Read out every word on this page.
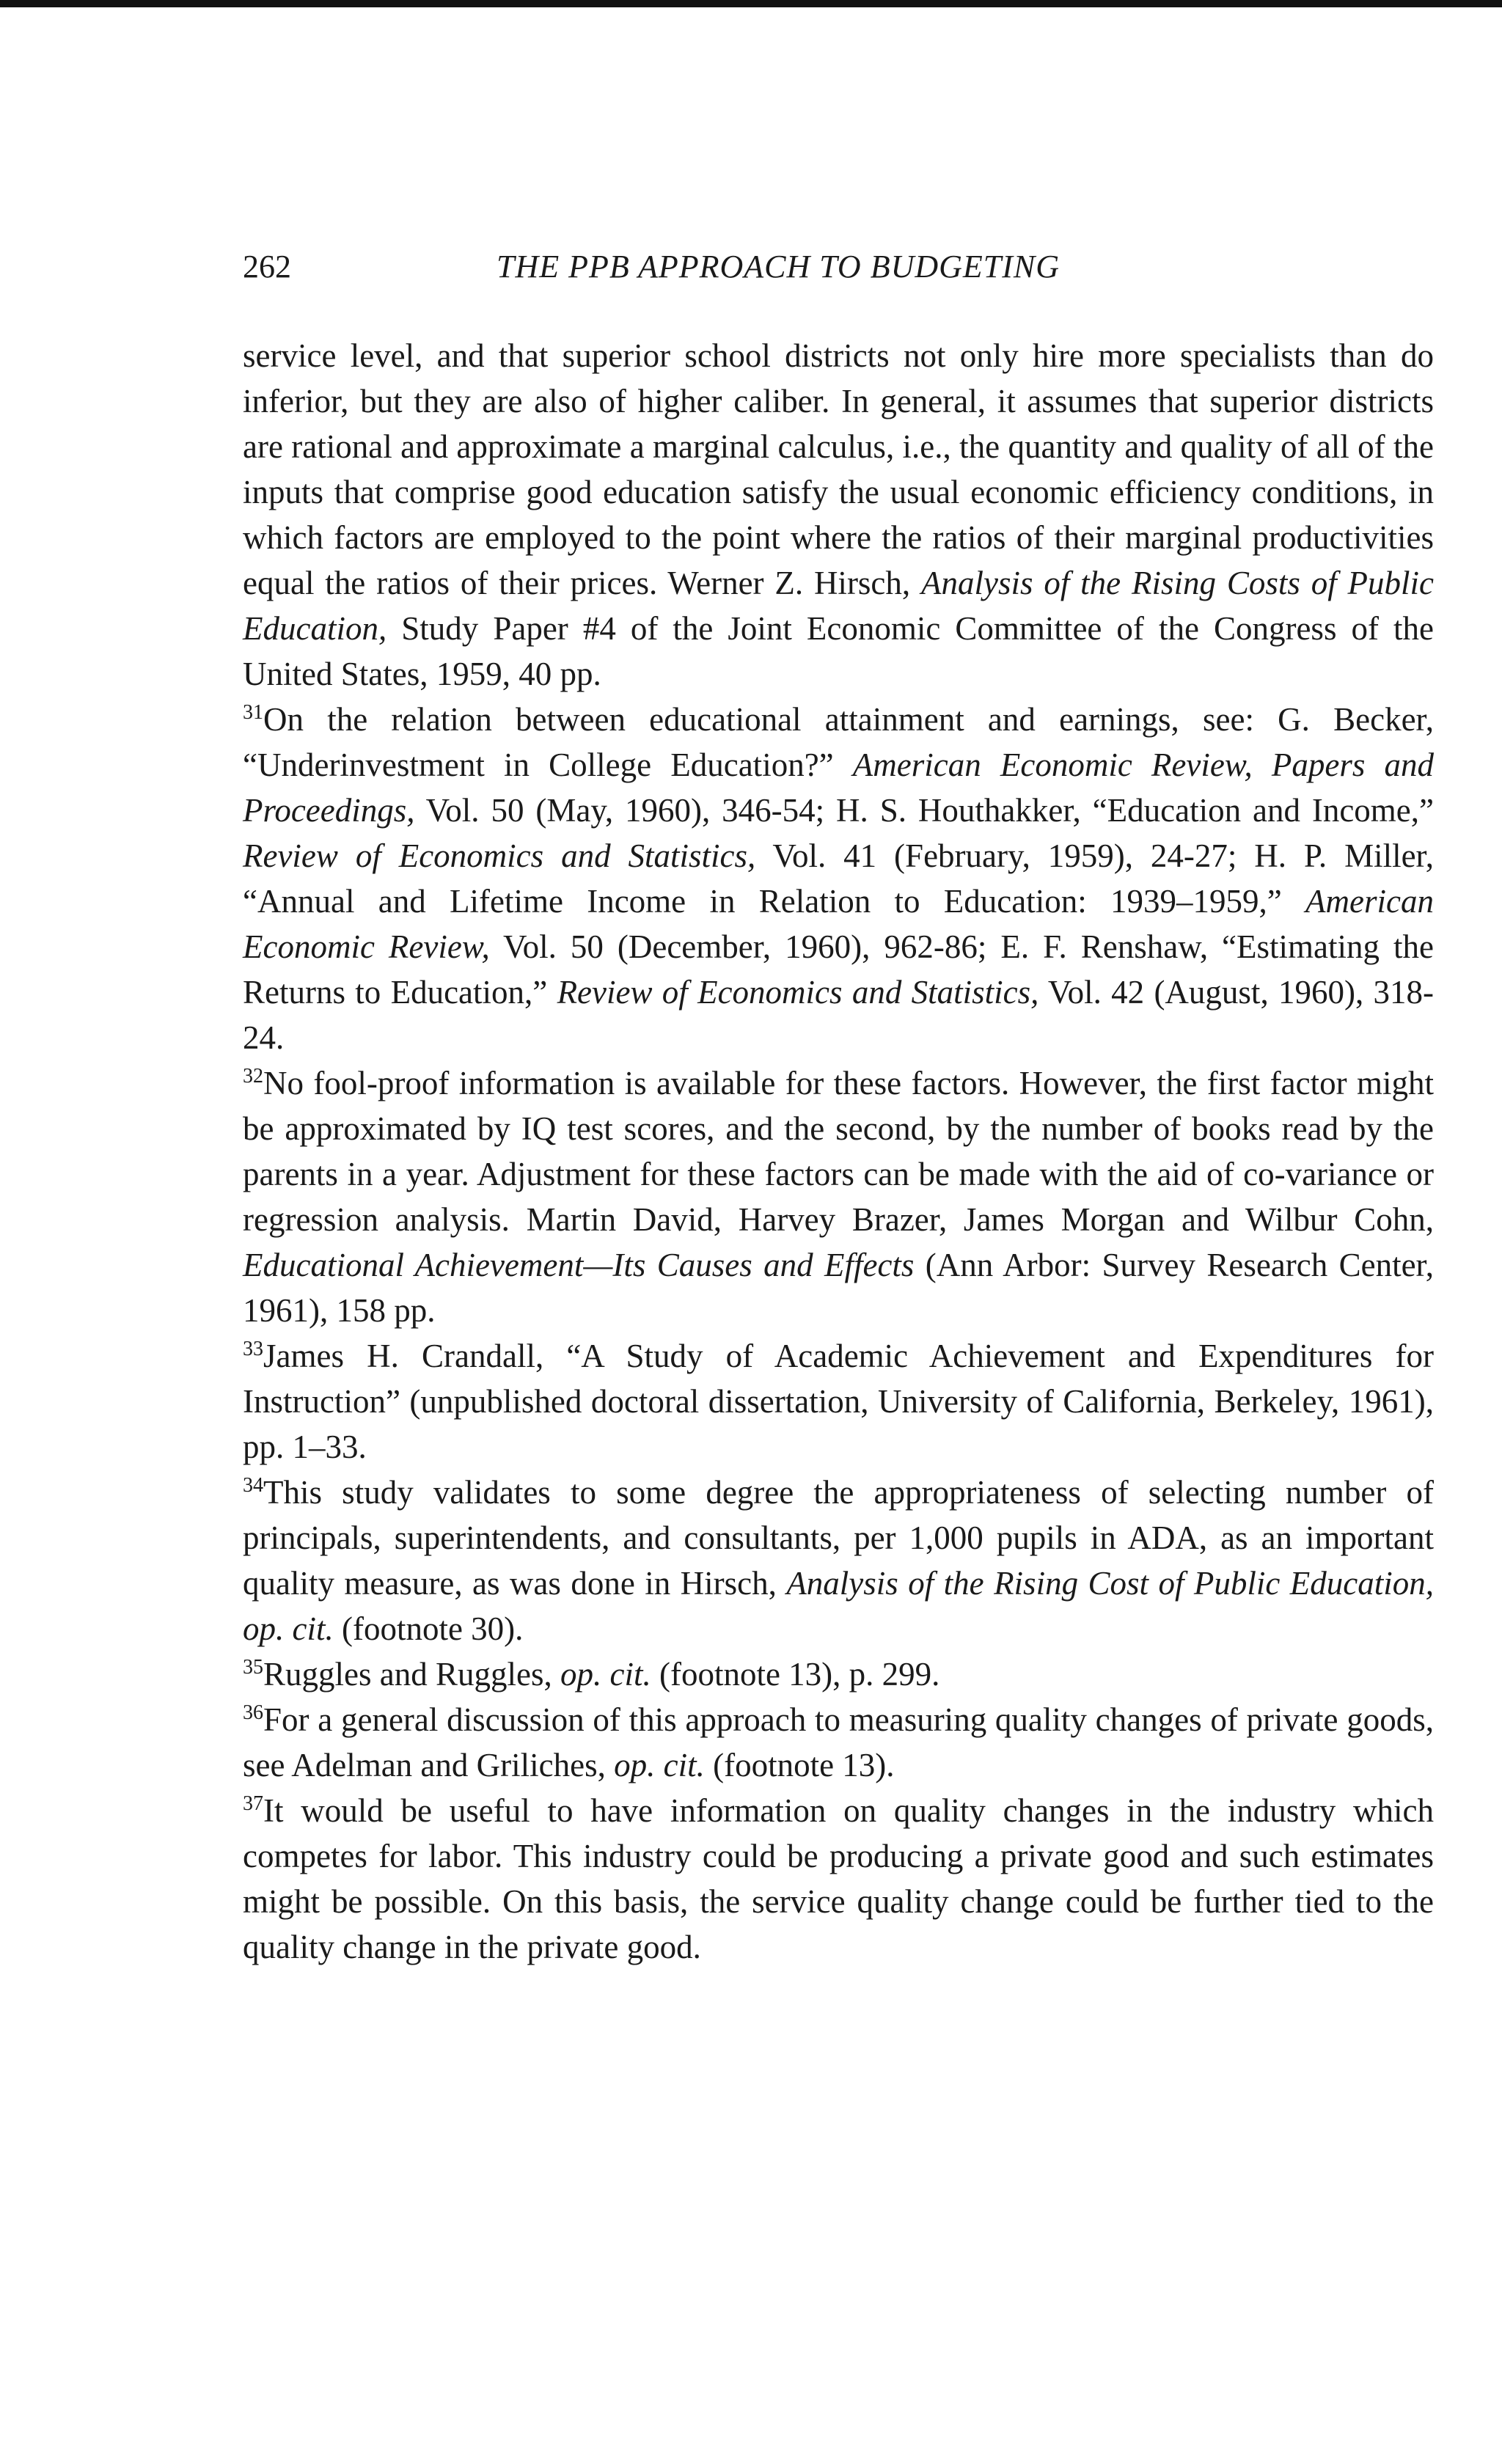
262	THE PPB APPROACH TO BUDGETING

service level, and that superior school districts not only hire more specialists than do inferior, but they are also of higher caliber. In general, it assumes that superior districts are rational and approximate a marginal calculus, i.e., the quantity and quality of all of the inputs that comprise good education satisfy the usual economic efficiency conditions, in which factors are employed to the point where the ratios of their marginal productivities equal the ratios of their prices. Werner Z. Hirsch, Analysis of the Rising Costs of Public Education, Study Paper #4 of the Joint Economic Committee of the Congress of the United States, 1959, 40 pp.

$^{31}$On the relation between educational attainment and earnings, see: G. Becker, “Underinvestment in College Education?” American Economic Review, Papers and Proceedings, Vol. 50 (May, 1960), 346-54; H. S. Houthakker, “Education and Income,” Review of Economics and Statistics, Vol. 41 (February, 1959), 24-27; H. P. Miller, “Annual and Lifetime Income in Relation to Education: 1939–1959,” American Economic Review, Vol. 50 (December, 1960), 962-86; E. F. Renshaw, “Estimating the Returns to Education,” Review of Economics and Statistics, Vol. 42 (August, 1960), 318-24.

$^{32}$No fool-proof information is available for these factors. However, the first factor might be approximated by IQ test scores, and the second, by the number of books read by the parents in a year. Adjustment for these factors can be made with the aid of co-variance or regression analysis. Martin David, Harvey Brazer, James Morgan and Wilbur Cohn, Educational Achievement—Its Causes and Effects (Ann Arbor: Survey Research Center, 1961), 158 pp.

$^{33}$James H. Crandall, “A Study of Academic Achievement and Expenditures for Instruction” (unpublished doctoral dissertation, University of California, Berkeley, 1961), pp. 1–33.

$^{34}$This study validates to some degree the appropriateness of selecting number of principals, superintendents, and consultants, per 1,000 pupils in ADA, as an important quality measure, as was done in Hirsch, Analysis of the Rising Cost of Public Education, op. cit. (footnote 30).

$^{35}$Ruggles and Ruggles, op. cit. (footnote 13), p. 299.

$^{36}$For a general discussion of this approach to measuring quality changes of private goods, see Adelman and Griliches, op. cit. (footnote 13).

$^{37}$It would be useful to have information on quality changes in the industry which competes for labor. This industry could be producing a private good and such estimates might be possible. On this basis, the service quality change could be further tied to the quality change in the private good.
